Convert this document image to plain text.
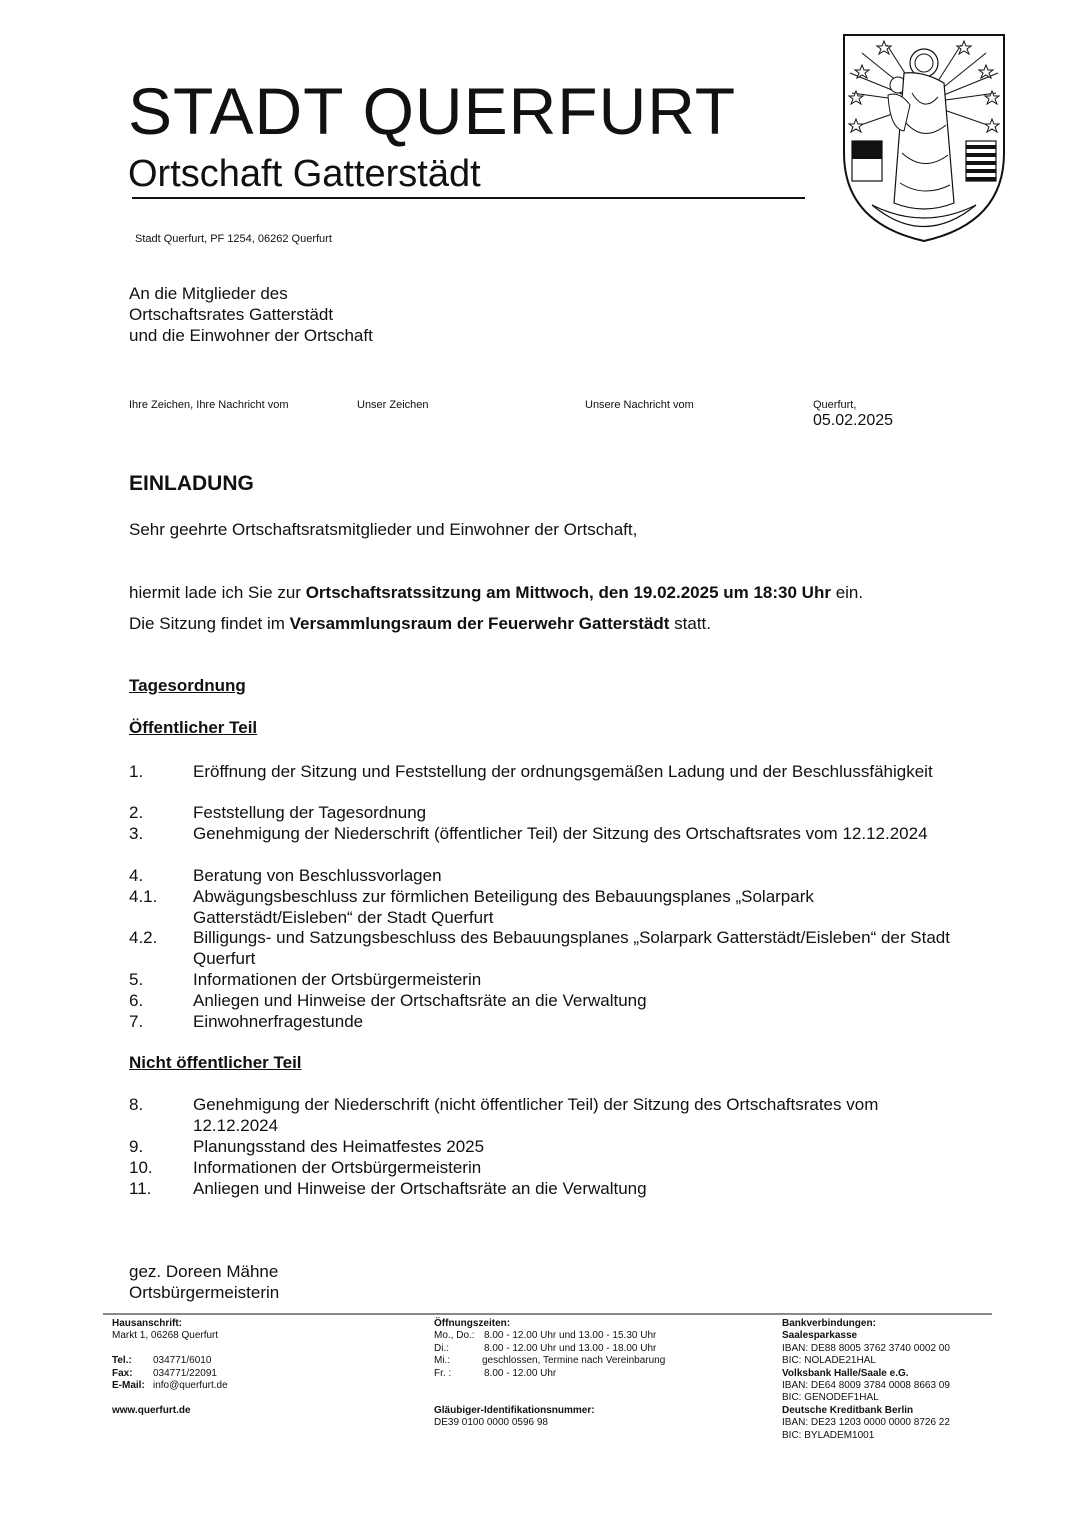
STADT QUERFURT
Ortschaft Gatterstädt
Stadt Querfurt, PF 1254, 06262 Querfurt
An die Mitglieder des
Ortschaftsrates Gatterstädt
und die Einwohner der Ortschaft
Ihre Zeichen, Ihre Nachricht vom	Unser Zeichen	Unsere Nachricht vom	Querfurt,
05.02.2025
EINLADUNG
Sehr geehrte Ortschaftsratsmitglieder und Einwohner der Ortschaft,
hiermit lade ich Sie zur Ortschaftsratssitzung am Mittwoch, den 19.02.2025 um 18:30 Uhr ein.
Die Sitzung findet im Versammlungsraum der Feuerwehr Gatterstädt statt.
Tagesordnung
Öffentlicher Teil
1.	Eröffnung der Sitzung und Feststellung der ordnungsgemäßen Ladung und der Beschlussfähigkeit
2.	Feststellung der Tagesordnung
3.	Genehmigung der Niederschrift (öffentlicher Teil) der Sitzung des Ortschaftsrates vom 12.12.2024
4.	Beratung von Beschlussvorlagen
4.1. Abwägungsbeschluss zur förmlichen Beteiligung des Bebauungsplanes „Solarpark Gatterstädt/Eisleben“ der Stadt Querfurt
4.2. Billigungs- und Satzungsbeschluss des Bebauungsplanes „Solarpark Gatterstädt/Eisleben“ der Stadt Querfurt
5.	Informationen der Ortsbürgermeisterin
6.	Anliegen und Hinweise der Ortschaftsräte an die Verwaltung
7.	Einwohnerfragestunde
Nicht öffentlicher Teil
8.	Genehmigung der Niederschrift (nicht öffentlicher Teil) der Sitzung des Ortschaftsrates vom 12.12.2024
9.	Planungsstand des Heimatfestes 2025
10. Informationen der Ortsbürgermeisterin
11. Anliegen und Hinweise der Ortschaftsräte an die Verwaltung
gez. Doreen Mähne
Ortsbürgermeisterin
Hausanschrift:
Markt 1, 06268 Querfurt
Tel.:	034771/6010
Fax:	034771/22091
E-Mail: info@querfurt.de
www.querfurt.de
Öffnungszeiten:
Mo., Do.: 8.00 - 12.00 Uhr und 13.00 - 15.30 Uhr
Di.:	8.00 - 12.00 Uhr und 13.00 - 18.00 Uhr
Mi.:	geschlossen, Termine nach Vereinbarung
Fr. :	8.00 - 12.00 Uhr
Gläubiger-Identifikationsnummer:
DE39 0100 0000 0596 98
Bankverbindungen:
Saalesparkasse
IBAN: DE88 8005 3762 3740 0002 00
BIC: NOLADE21HAL
Volksbank Halle/Saale e.G.
IBAN: DE64 8009 3784 0008 8663 09
BIC: GENODEF1HAL
Deutsche Kreditbank Berlin
IBAN: DE23 1203 0000 0000 8726 22
BIC: BYLADEM1001
